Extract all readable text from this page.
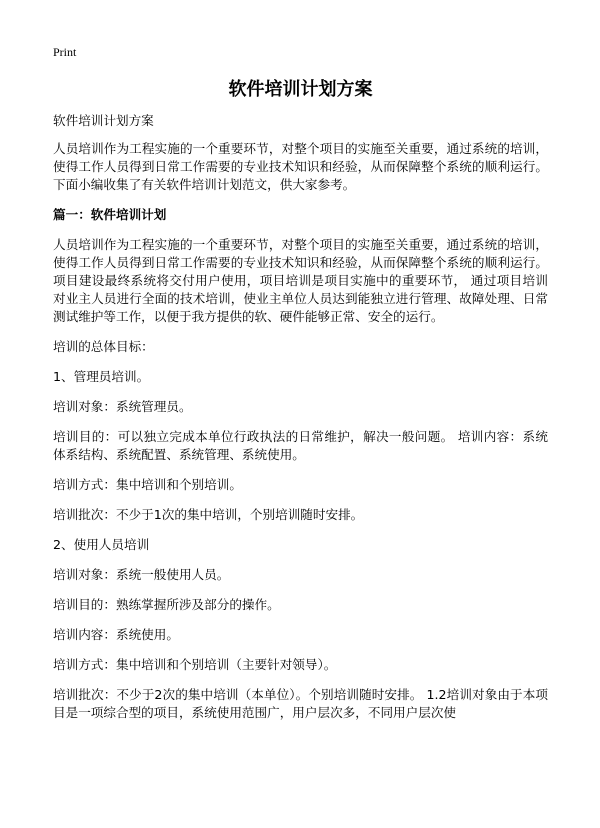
Print
软件培训计划方案
软件培训计划方案
人员培训作为工程实施的一个重要环节，对整个项目的实施至关重要，通过系统的培训，使得工作人员得到日常工作需要的专业技术知识和经验，从而保障整个系统的顺利运行。下面小编收集了有关软件培训计划范文，供大家参考。
篇一：软件培训计划
人员培训作为工程实施的一个重要环节，对整个项目的实施至关重要，通过系统的培训，使得工作人员得到日常工作需要的专业技术知识和经验，从而保障整个系统的顺利运行。 项目建设最终系统将交付用户使用，项目培训是项目实施中的重要环节， 通过项目培训对业主人员进行全面的技术培训，使业主单位人员达到能独立进行管理、故障处理、日常测试维护等工作，以便于我方提供的软、硬件能够正常、安全的运行。
培训的总体目标：
1、管理员培训。
培训对象：系统管理员。
培训目的：可以独立完成本单位行政执法的日常维护，解决一般问题。 培训内容：系统体系结构、系统配置、系统管理、系统使用。
培训方式：集中培训和个别培训。
培训批次：不少于1次的集中培训，个别培训随时安排。
2、使用人员培训
培训对象：系统一般使用人员。
培训目的：熟练掌握所涉及部分的操作。
培训内容：系统使用。
培训方式：集中培训和个别培训（主要针对领导）。
培训批次：不少于2次的集中培训（本单位）。个别培训随时安排。 1.2培训对象由于本项目是一项综合型的项目，系统使用范围广，用户层次多，不同用户层次使
